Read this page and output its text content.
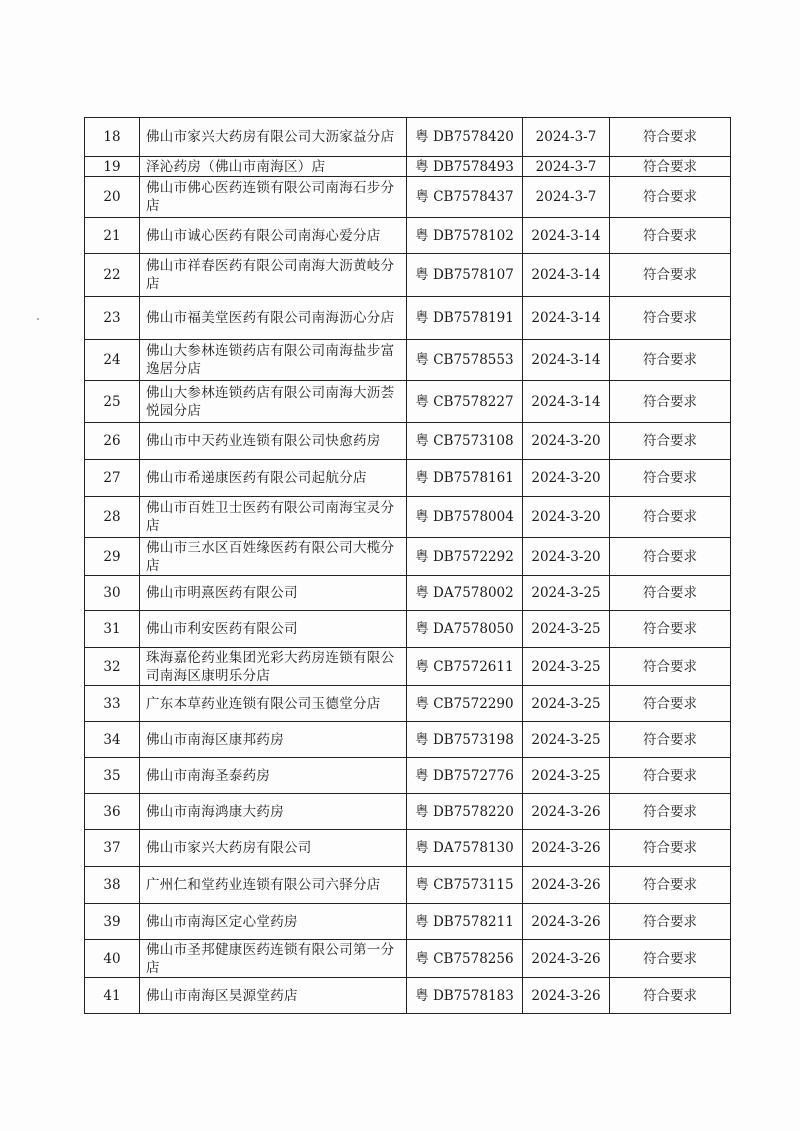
18	佛山市家兴大药房有限公司大沥家益分店	粤 DB7578420	2024-3-7	符合要求
19	泽沁药房（佛山市南海区）店	粤 DB7578493	2024-3-7	符合要求
20	佛山市佛心医药连锁有限公司南海石步分店	粤 CB7578437	2024-3-7	符合要求
21	佛山市诚心医药有限公司南海心爱分店	粤 DB7578102	2024-3-14	符合要求
22	佛山市祥春医药有限公司南海大沥黄岐分店	粤 DB7578107	2024-3-14	符合要求
23	佛山市福美堂医药有限公司南海沥心分店	粤 DB7578191	2024-3-14	符合要求
24	佛山大参林连锁药店有限公司南海盐步富逸居分店	粤 CB7578553	2024-3-14	符合要求
25	佛山大参林连锁药店有限公司南海大沥荟悦园分店	粤 CB7578227	2024-3-14	符合要求
26	佛山市中天药业连锁有限公司快愈药房	粤 CB7573108	2024-3-20	符合要求
27	佛山市希递康医药有限公司起航分店	粤 DB7578161	2024-3-20	符合要求
28	佛山市百姓卫士医药有限公司南海宝灵分店	粤 DB7578004	2024-3-20	符合要求
29	佛山市三水区百姓缘医药有限公司大榄分店	粤 DB7572292	2024-3-20	符合要求
30	佛山市明熹医药有限公司	粤 DA7578002	2024-3-25	符合要求
31	佛山市利安医药有限公司	粤 DA7578050	2024-3-25	符合要求
32	珠海嘉伦药业集团光彩大药房连锁有限公司南海区康明乐分店	粤 CB7572611	2024-3-25	符合要求
33	广东本草药业连锁有限公司玉德堂分店	粤 CB7572290	2024-3-25	符合要求
34	佛山市南海区康邦药房	粤 DB7573198	2024-3-25	符合要求
35	佛山市南海圣泰药房	粤 DB7572776	2024-3-25	符合要求
36	佛山市南海鸿康大药房	粤 DB7578220	2024-3-26	符合要求
37	佛山市家兴大药房有限公司	粤 DA7578130	2024-3-26	符合要求
38	广州仁和堂药业连锁有限公司六驿分店	粤 CB7573115	2024-3-26	符合要求
39	佛山市南海区定心堂药房	粤 DB7578211	2024-3-26	符合要求
40	佛山市圣邦健康医药连锁有限公司第一分店	粤 CB7578256	2024-3-26	符合要求
41	佛山市南海区昊源堂药店	粤 DB7578183	2024-3-26	符合要求
